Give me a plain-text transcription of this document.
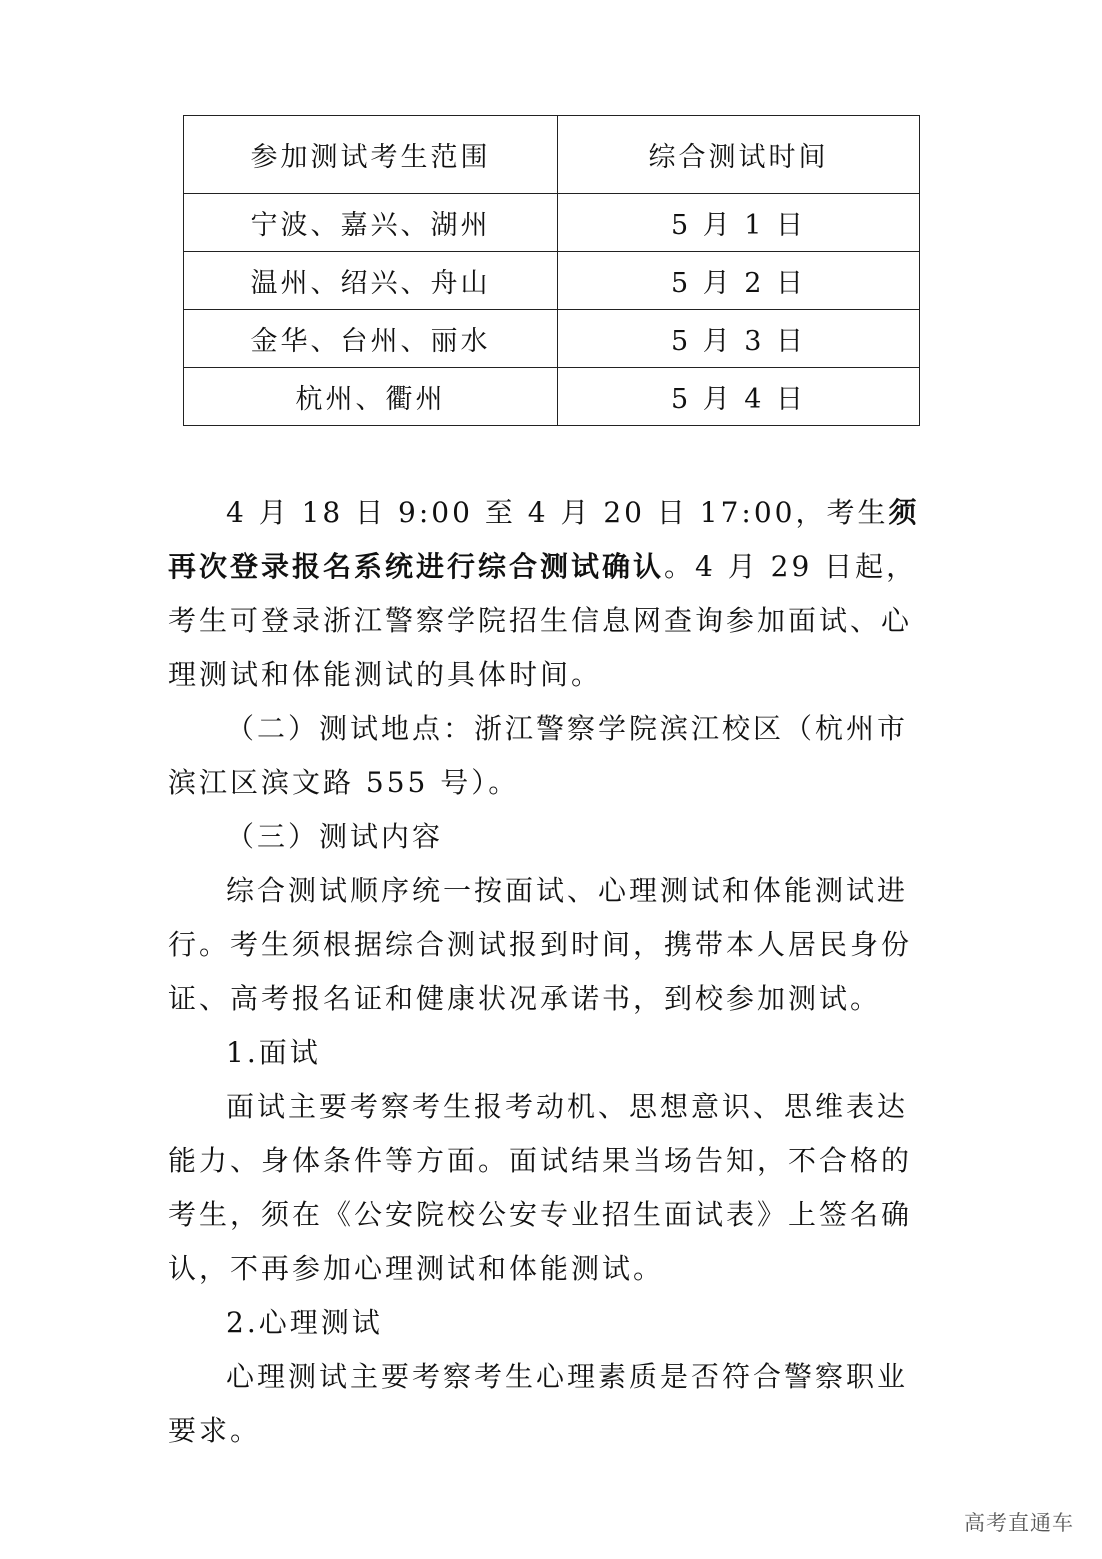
参加测试考生范围	综合测试时间
宁波、嘉兴、湖州	5 月 1 日
温州、绍兴、舟山	5 月 2 日
金华、台州、丽水	5 月 3 日
杭州、衢州	5 月 4 日

4 月 18 日 9:00 至 4 月 20 日 17:00，考生须再次登录报名系统进行综合测试确认。4 月 29 日起，考生可登录浙江警察学院招生信息网查询参加面试、心理测试和体能测试的具体时间。

（二）测试地点：浙江警察学院滨江校区（杭州市滨江区滨文路 555 号）。

（三）测试内容

综合测试顺序统一按面试、心理测试和体能测试进行。考生须根据综合测试报到时间，携带本人居民身份证、高考报名证和健康状况承诺书，到校参加测试。

1.面试

面试主要考察考生报考动机、思想意识、思维表达能力、身体条件等方面。面试结果当场告知，不合格的考生，须在《公安院校公安专业招生面试表》上签名确认，不再参加心理测试和体能测试。

2.心理测试

心理测试主要考察考生心理素质是否符合警察职业要求。

高考直通车
